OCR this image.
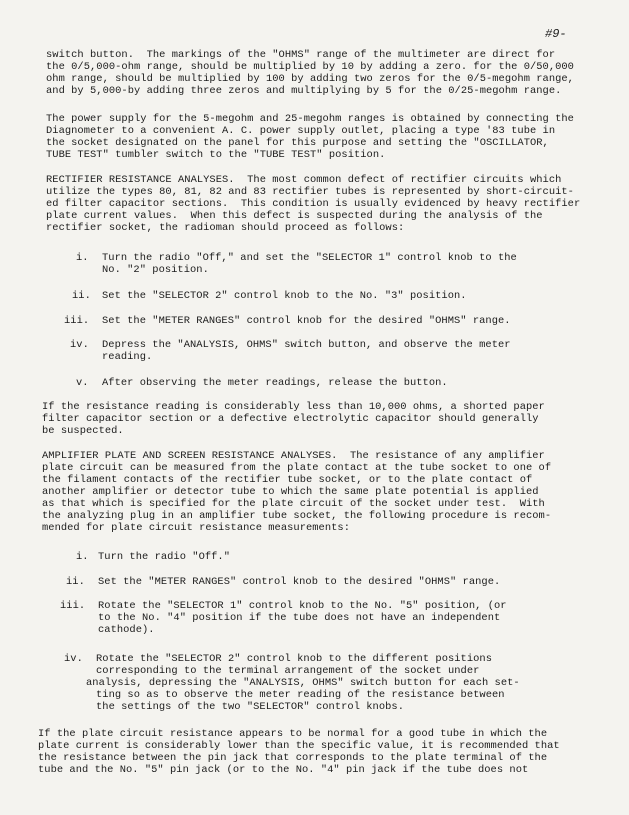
#9-
switch button.  The markings of the "OHMS" range of the multimeter are direct for
the 0/5,000-ohm range, should be multiplied by 10 by adding a zero. for the 0/50,000
ohm range, should be multiplied by 100 by adding two zeros for the 0/5-megohm range,
and by 5,000-by adding three zeros and multiplying by 5 for the 0/25-megohm range.
The power supply for the 5-megohm and 25-megohm ranges is obtained by connecting the
Diagnometer to a convenient A. C. power supply outlet, placing a type '83 tube in
the socket designated on the panel for this purpose and setting the "OSCILLATOR,
TUBE TEST" tumbler switch to the "TUBE TEST" position.
RECTIFIER RESISTANCE ANALYSES.  The most common defect of rectifier circuits which
utilize the types 80, 81, 82 and 83 rectifier tubes is represented by short-circuit-
ed filter capacitor sections.  This condition is usually evidenced by heavy rectifier
plate current values.  When this defect is suspected during the analysis of the
rectifier socket, the radioman should proceed as follows:
i. Turn the radio "Off," and set the "SELECTOR 1" control knob to the
No. "2" position.
ii. Set the "SELECTOR 2" control knob to the No. "3" position.
iii. Set the "METER RANGES" control knob for the desired "OHMS" range.
iv. Depress the "ANALYSIS, OHMS" switch button, and observe the meter
reading.
v. After observing the meter readings, release the button.
If the resistance reading is considerably less than 10,000 ohms, a shorted paper
filter capacitor section or a defective electrolytic capacitor should generally
be suspected.
AMPLIFIER PLATE AND SCREEN RESISTANCE ANALYSES.  The resistance of any amplifier
plate circuit can be measured from the plate contact at the tube socket to one of
the filament contacts of the rectifier tube socket, or to the plate contact of
another amplifier or detector tube to which the same plate potential is applied
as that which is specified for the plate circuit of the socket under test.  With
the analyzing plug in an amplifier tube socket, the following procedure is recom-
mended for plate circuit resistance measurements:
i. Turn the radio "Off."
ii. Set the "METER RANGES" control knob to the desired "OHMS" range.
iii. Rotate the "SELECTOR 1" control knob to the No. "5" position, (or
to the No. "4" position if the tube does not have an independent
cathode).
iv. Rotate the "SELECTOR 2" control knob to the different positions
corresponding to the terminal arrangement of the socket under
analysis, depressing the "ANALYSIS, OHMS" switch button for each set-
ting so as to observe the meter reading of the resistance between
the settings of the two "SELECTOR" control knobs.
If the plate circuit resistance appears to be normal for a good tube in which the
plate current is considerably lower than the specific value, it is recommended that
the resistance between the pin jack that corresponds to the plate terminal of the
tube and the No. "5" pin jack (or to the No. "4" pin jack if the tube does not
